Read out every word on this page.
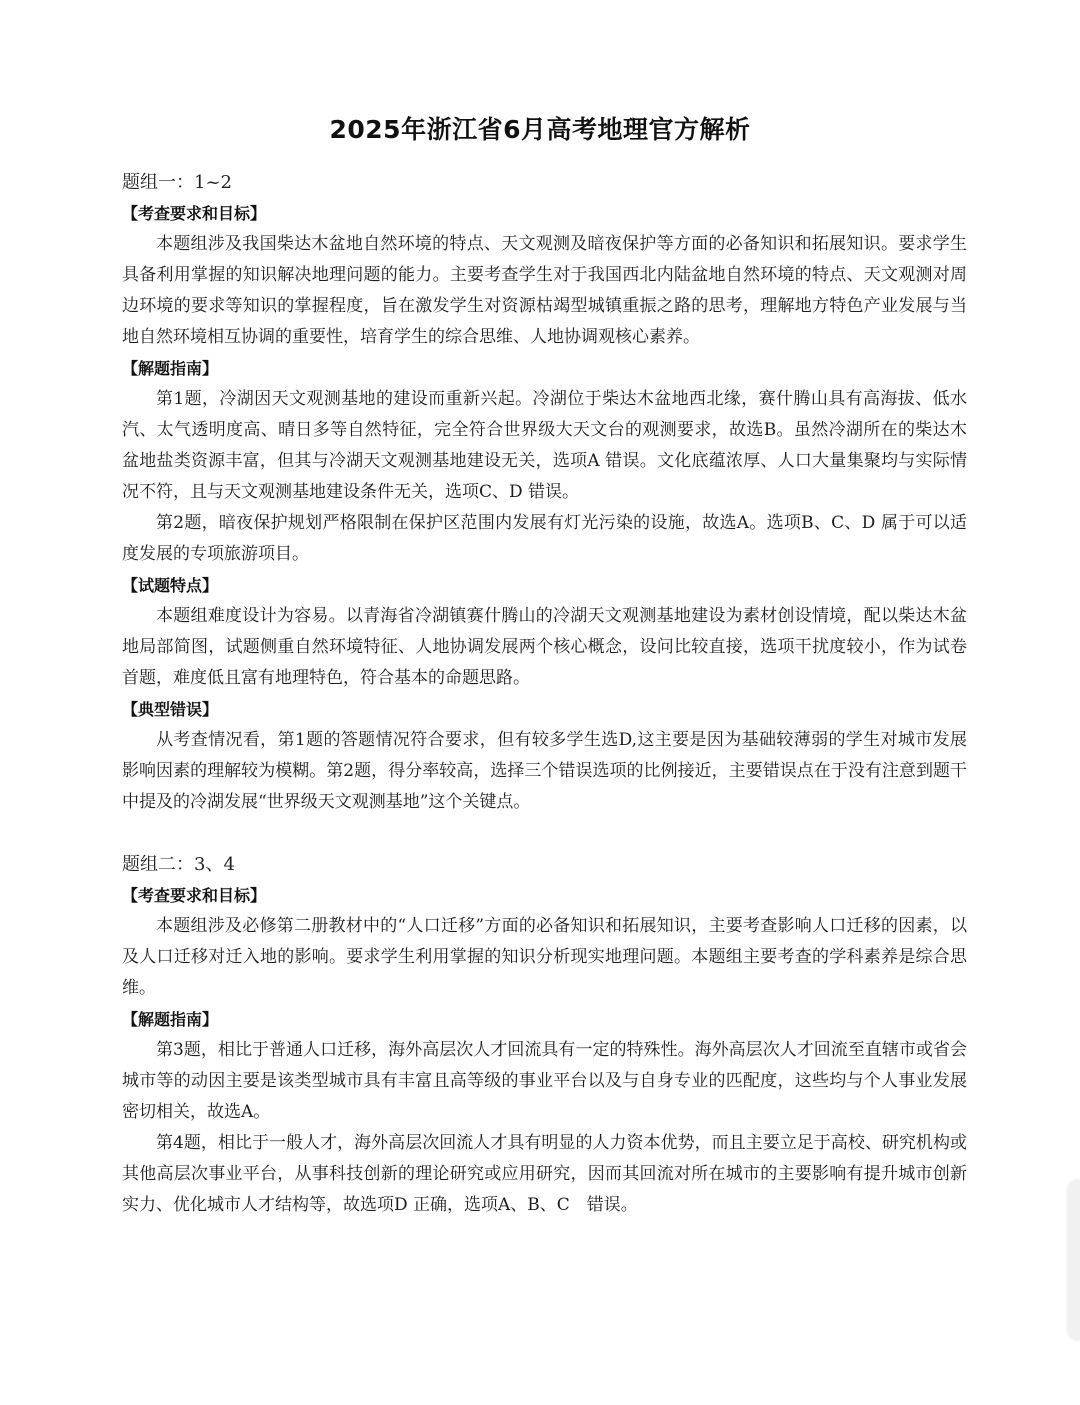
2025年浙江省6月高考地理官方解析

题组一：1~2

【考查要求和目标】

本题组涉及我国柴达木盆地自然环境的特点、天文观测及暗夜保护等方面的必备知识和拓展知识。要求学生具备利用掌握的知识解决地理问题的能力。主要考查学生对于我国西北内陆盆地自然环境的特点、天文观测对周边环境的要求等知识的掌握程度，旨在激发学生对资源枯竭型城镇重振之路的思考，理解地方特色产业发展与当地自然环境相互协调的重要性，培育学生的综合思维、人地协调观核心素养。

【解题指南】

第1题，冷湖因天文观测基地的建设而重新兴起。冷湖位于柴达木盆地西北缘，赛什腾山具有高海拔、低水汽、太气透明度高、晴日多等自然特征，完全符合世界级大天文台的观测要求，故选B。虽然冷湖所在的柴达木盆地盐类资源丰富，但其与冷湖天文观测基地建设无关，选项A 错误。文化底蕴浓厚、人口大量集聚均与实际情况不符，且与天文观测基地建设条件无关，选项C、D 错误。

第2题，暗夜保护规划严格限制在保护区范围内发展有灯光污染的设施，故选A。选项B、C、D 属于可以适度发展的专项旅游项目。

【试题特点】

本题组难度设计为容易。以青海省冷湖镇赛什腾山的冷湖天文观测基地建设为素材创设情境，配以柴达木盆地局部简图，试题侧重自然环境特征、人地协调发展两个核心概念，设问比较直接，选项干扰度较小，作为试卷首题，难度低且富有地理特色，符合基本的命题思路。

【典型错误】

从考查情况看，第1题的答题情况符合要求，但有较多学生选D,这主要是因为基础较薄弱的学生对城市发展影响因素的理解较为模糊。第2题，得分率较高，选择三个错误选项的比例接近，主要错误点在于没有注意到题干中提及的冷湖发展“世界级天文观测基地”这个关键点。

题组二：3、4

【考查要求和目标】

本题组涉及必修第二册教材中的“人口迁移”方面的必备知识和拓展知识，主要考查影响人口迁移的因素，以及人口迁移对迁入地的影响。要求学生利用掌握的知识分析现实地理问题。本题组主要考查的学科素养是综合思维。

【解题指南】

第3题，相比于普通人口迁移，海外高层次人才回流具有一定的特殊性。海外高层次人才回流至直辖市或省会城市等的动因主要是该类型城市具有丰富且高等级的事业平台以及与自身专业的匹配度，这些均与个人事业发展密切相关，故选A。

第4题，相比于一般人才，海外高层次回流人才具有明显的人力资本优势，而且主要立足于高校、研究机构或其他高层次事业平台，从事科技创新的理论研究或应用研究，因而其回流对所在城市的主要影响有提升城市创新实力、优化城市人才结构等，故选项D 正确，选项A、B、C　错误。
